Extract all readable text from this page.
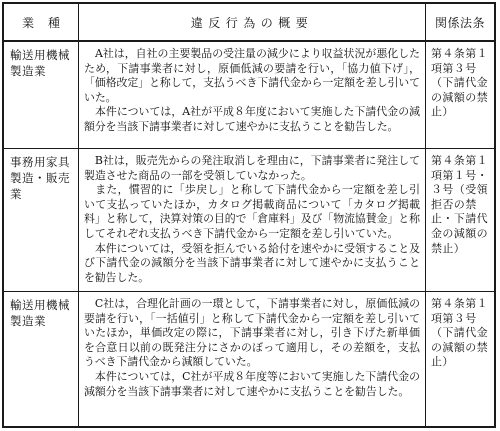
業種	違反行為の概要	関係法条
輸送用機械製造業

　A社は，自社の主要製品の受注量の減少により収益状況が悪化したため，下請事業者に対し，原価低減の要請を行い，「協力値下げ」，「価格改定」と称して，支払うべき下請代金から一定額を差し引いていた。

　本件については，A社が平成８年度において実施した下請代金の減額分を当該下請事業者に対して速やかに支払うことを勧告した。

第４条第１項第３号（下請代金の減額の禁止）
事務用家具製造・販売業

　B社は，販売先からの発注取消しを理由に，下請事業者に発注して製造させた商品の一部を受領していなかった。

　また，慣習的に「歩戻し」と称して下請代金から一定額を差し引いて支払っていたほか，カタログ掲載商品について「カタログ掲載料」と称して，決算対策の目的で「倉庫料」及び「物流協賛金」と称してそれぞれ支払うべき下請代金から一定額を差し引いていた。

　本件については，受領を拒んでいる給付を速やかに受領すること及び下請代金の減額分を当該下請事業者に対して速やかに支払うことを勧告した。

第４条第１項第１号・３号（受領拒否の禁止・下請代金の減額の禁止）
輸送用機械製造業

　C社は，合理化計画の一環として，下請事業者に対し，原価低減の要請を行い，「一括値引」と称して下請代金から一定額を差し引いていたほか，単価改定の際に，下請事業者に対し，引き下げた新単価を合意日以前の既発注分にさかのぼって適用し，その差額を，支払うべき下請代金から減額していた。

　本件については，C社が平成８年度等において実施した下請代金の減額分を当該下請事業者に対して速やかに支払うことを勧告した。

第４条第１項第３号（下請代金の減額の禁止）
